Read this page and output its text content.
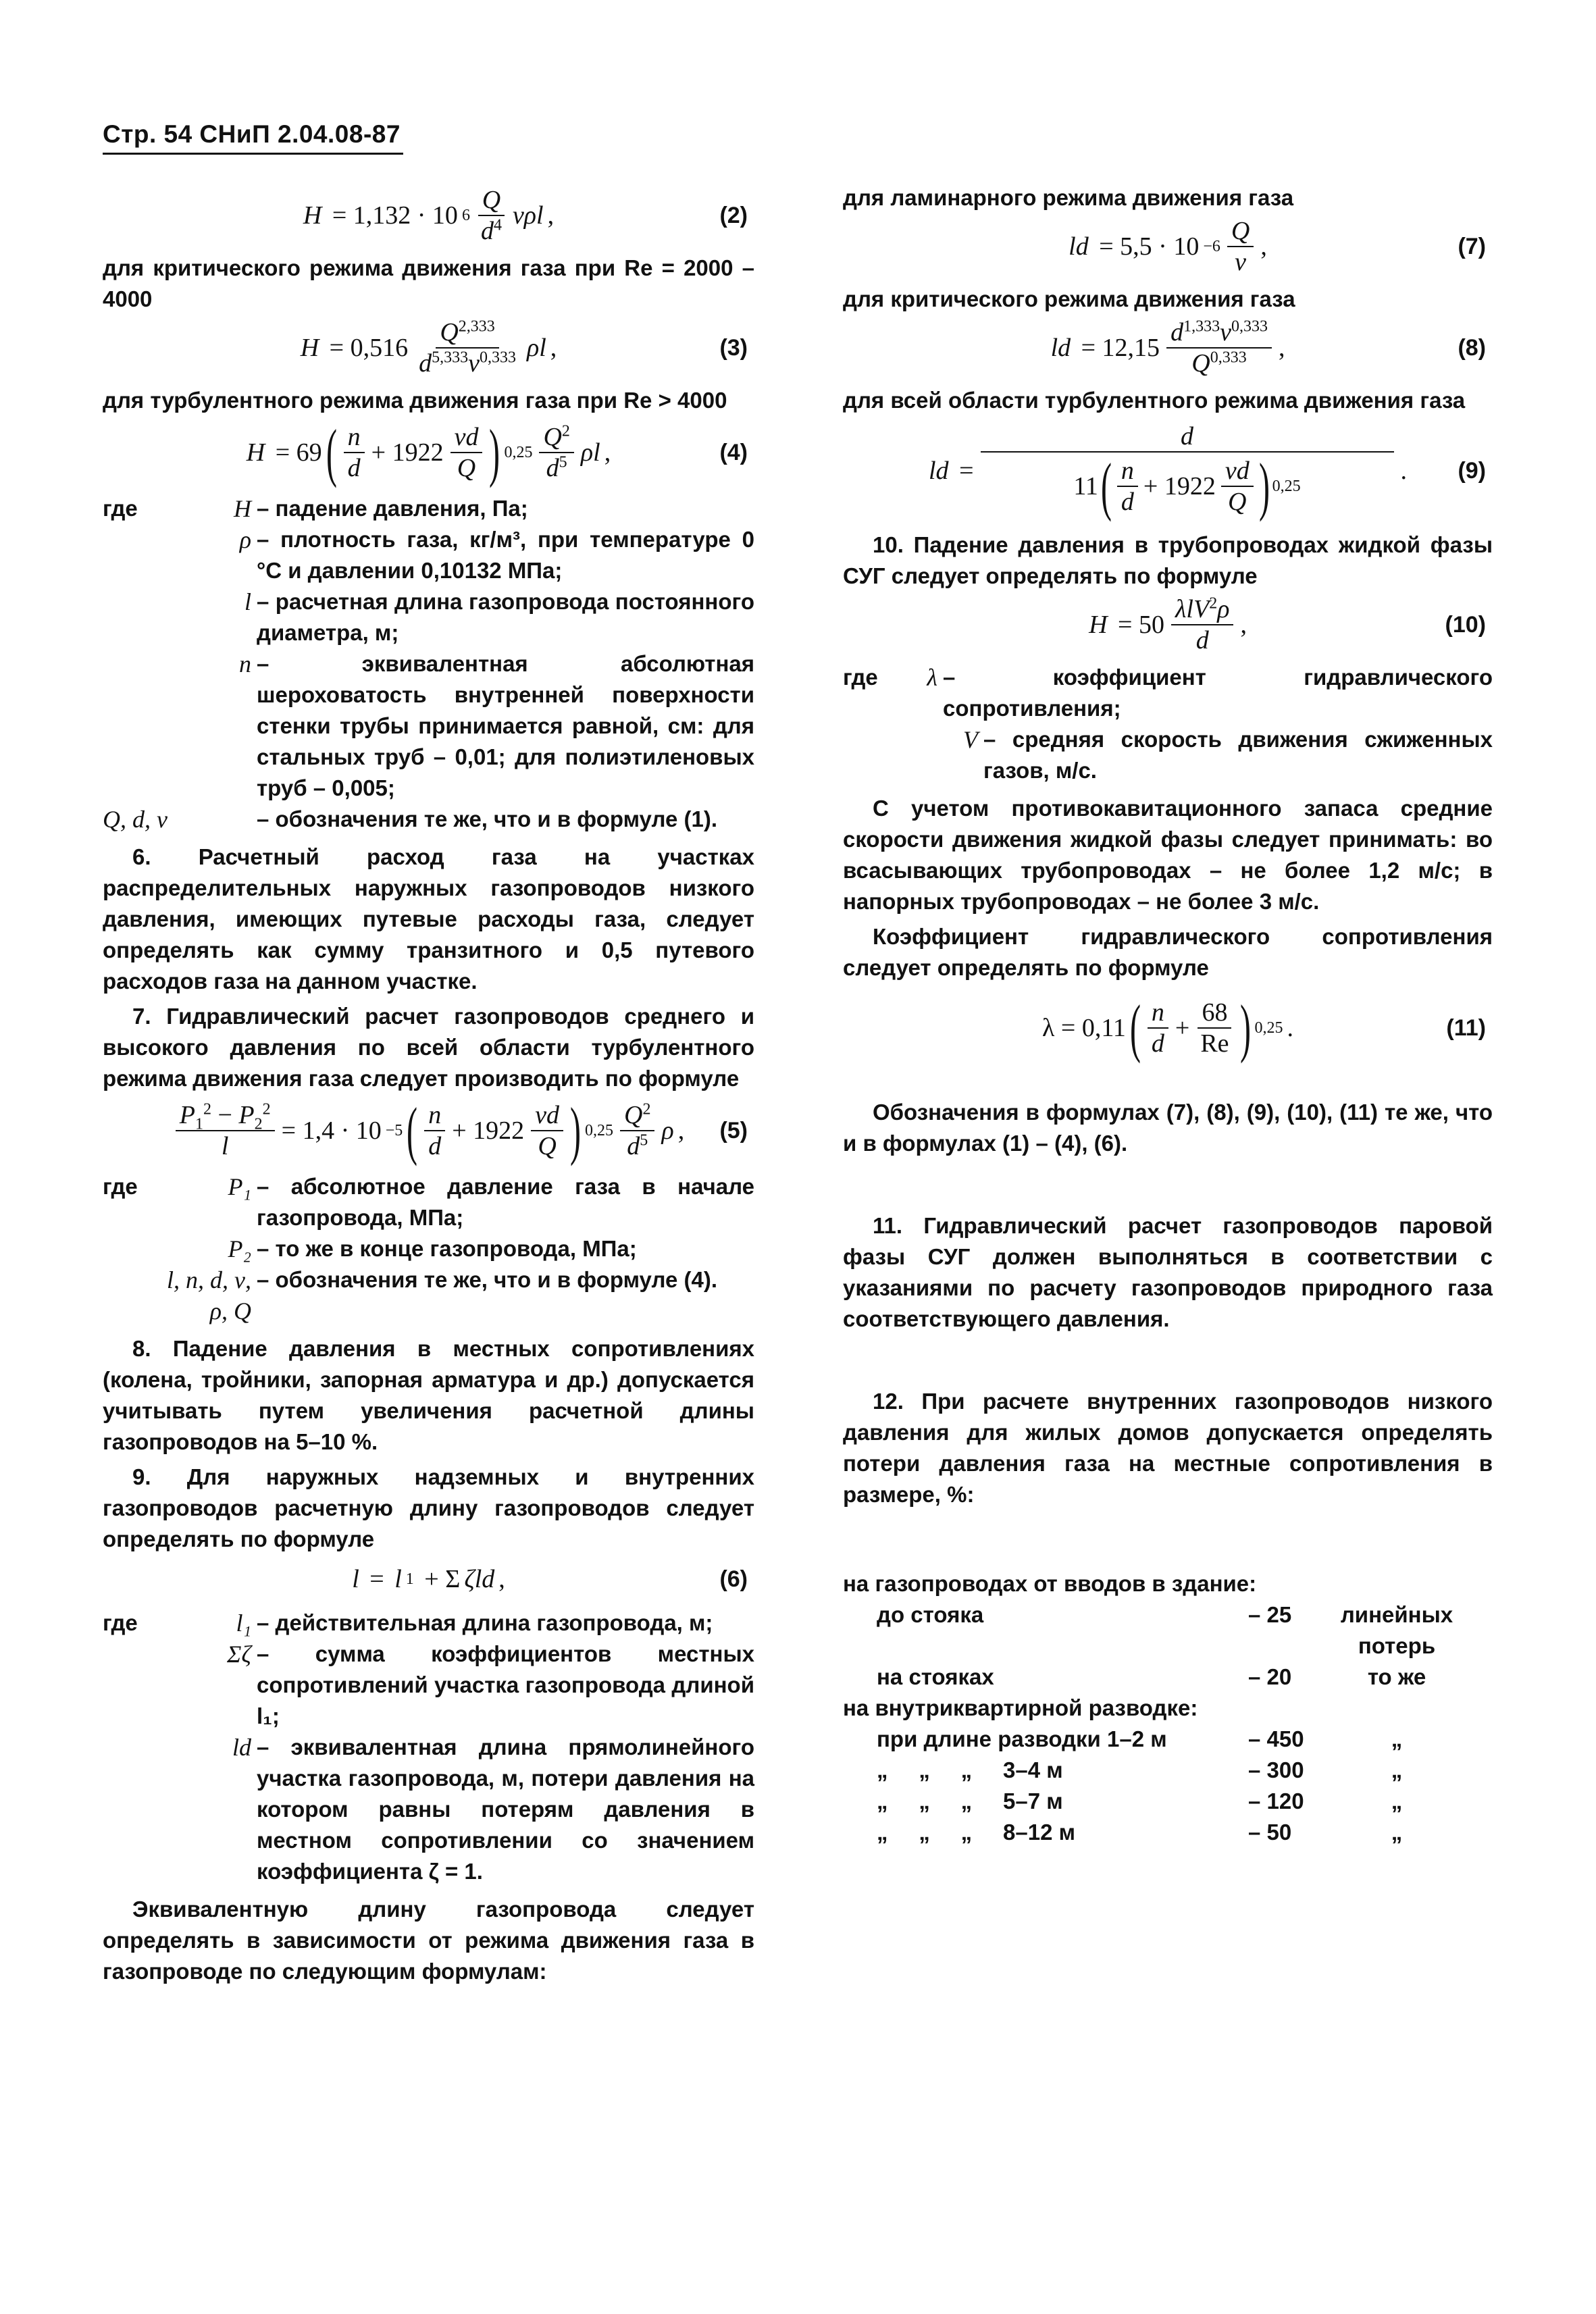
Стр. 54 СНиП 2.04.08-87
H = 1,132 · 10 $6 \frac{Q}{d^4}$ νρl ,	(2)
для критического режима движения газа при Re = 2000 – 4000
$H = 0,516 \frac{Q^{2,333}}{d^{5,333}\nu^{0,333}}$ ρl ,	(3)
для турбулентного режима движения газа при Re > 4000
H = 69 ( $\frac{n}{d} + 1922 \frac{\nu d}{Q}$ ) $0,25 \frac{Q^2}{d^5}$ ρl ,	(4)
где	H – падение давления, Па;
ρ – плотность газа, кг/м³, при температуре 0 °С и давлении 0,10132 МПа;
l – расчетная длина газопровода постоянного диаметра, м;
n – эквивалентная абсолютная шероховатость внутренней поверхности стенки трубы принимается равной, см: для стальных труб – 0,01; для полиэтиленовых труб – 0,005;
Q, d, ν	– обозначения те же, что и в формуле (1).
6. Расчетный расход газа на участках распределительных наружных газопроводов низкого давления, имеющих путевые расходы газа, следует определять как сумму транзитного и 0,5 путевого расходов газа на данном участке.
7. Гидравлический расчет газопроводов среднего и высокого давления по всей области турбулентного режима движения газа следует производить по формуле
$\frac{P_1^2 - P_2^2}{l} = 1,4 \cdot 10 -5$ ( $\frac{n}{d} + 1922 \frac{\nu d}{Q}$ ) $0,25 \frac{Q^2}{d^5}$ ρ , (5)
где	P₁ – абсолютное давление газа в начале газопровода, МПа;
P₂ – то же в конце газопровода, МПа;
l, n, d, ν, ρ, Q
– обозначения те же, что и в формуле (4).
8. Падение давления в местных сопротивлениях (колена, тройники, запорная арматура и др.) допускается учитывать путем увеличения расчетной длины газопроводов на 5–10 %.
9. Для наружных надземных и внутренних газопроводов расчетную длину газопроводов следует определять по формуле
l = l 1 + Σ ζld ,	(6)
где	l₁ – действительная длина газопровода, м;
Σζ – сумма коэффициентов местных сопротивлений участка газопровода длиной l₁;
ld – эквивалентная длина прямолинейного участка газопровода, м, потери давления на котором равны потерям давления в местном сопротивлении со значением коэффициента ζ = 1.
Эквивалентную длину газопровода следует определять в зависимости от режима движения газа в газопроводе по следующим формулам:
для ламинарного режима движения газа
ld = $5,5 \cdot 10 -6 \frac{Q}{\nu}$ ,	(7)
для критического режима движения газа
ld = $12,15 \frac{d^{1,333}\nu^{0,333}}{Q^{0,333}}$ ,	(8)
для всей области турбулентного режима движения газа
ld =
d
11 ( $\frac{n}{d} + 1922 \frac{\nu d}{Q}$ ) 0,25
. (9)
10. Падение давления в трубопроводах жидкой фазы СУГ следует определять по формуле
$H = 50 \frac{\lambda lV^2\rho}{d}$ ,	(10)
где	λ – коэффициент гидравлического сопротивления;
V – средняя скорость движения сжиженных газов, м/с.
С учетом противокавитационного запаса средние скорости движения жидкой фазы следует принимать: во всасывающих трубопроводах – не более 1,2 м/с; в напорных трубопроводах – не более 3 м/с.
Коэффициент гидравлического сопротивления следует определять по формуле
λ = 0,11 ( $\frac{n}{d} + \frac{68}{Re}$ ) 0,25 .	(11)
Обозначения в формулах (7), (8), (9), (10), (11) те же, что и в формулах (1) – (4), (6).
11. Гидравлический расчет газопроводов паровой фазы СУГ должен выполняться в соответствии с указаниями по расчету газопроводов природного газа соответствующего давления.
12. При расчете внутренних газопроводов низкого давления для жилых домов допускается определять потери давления газа на местные сопротивления в размере, %:
на газопроводах от вводов в здание:
до стояка	– 25	линейных потерь
на стояках	– 20	то же
на внутриквартирной разводке:
при длине разводки 1–2 м	– 450	„
„     „     „     3–4 м	– 300	„
„     „     „     5–7 м	– 120	„
„     „     „     8–12 м	– 50	„
